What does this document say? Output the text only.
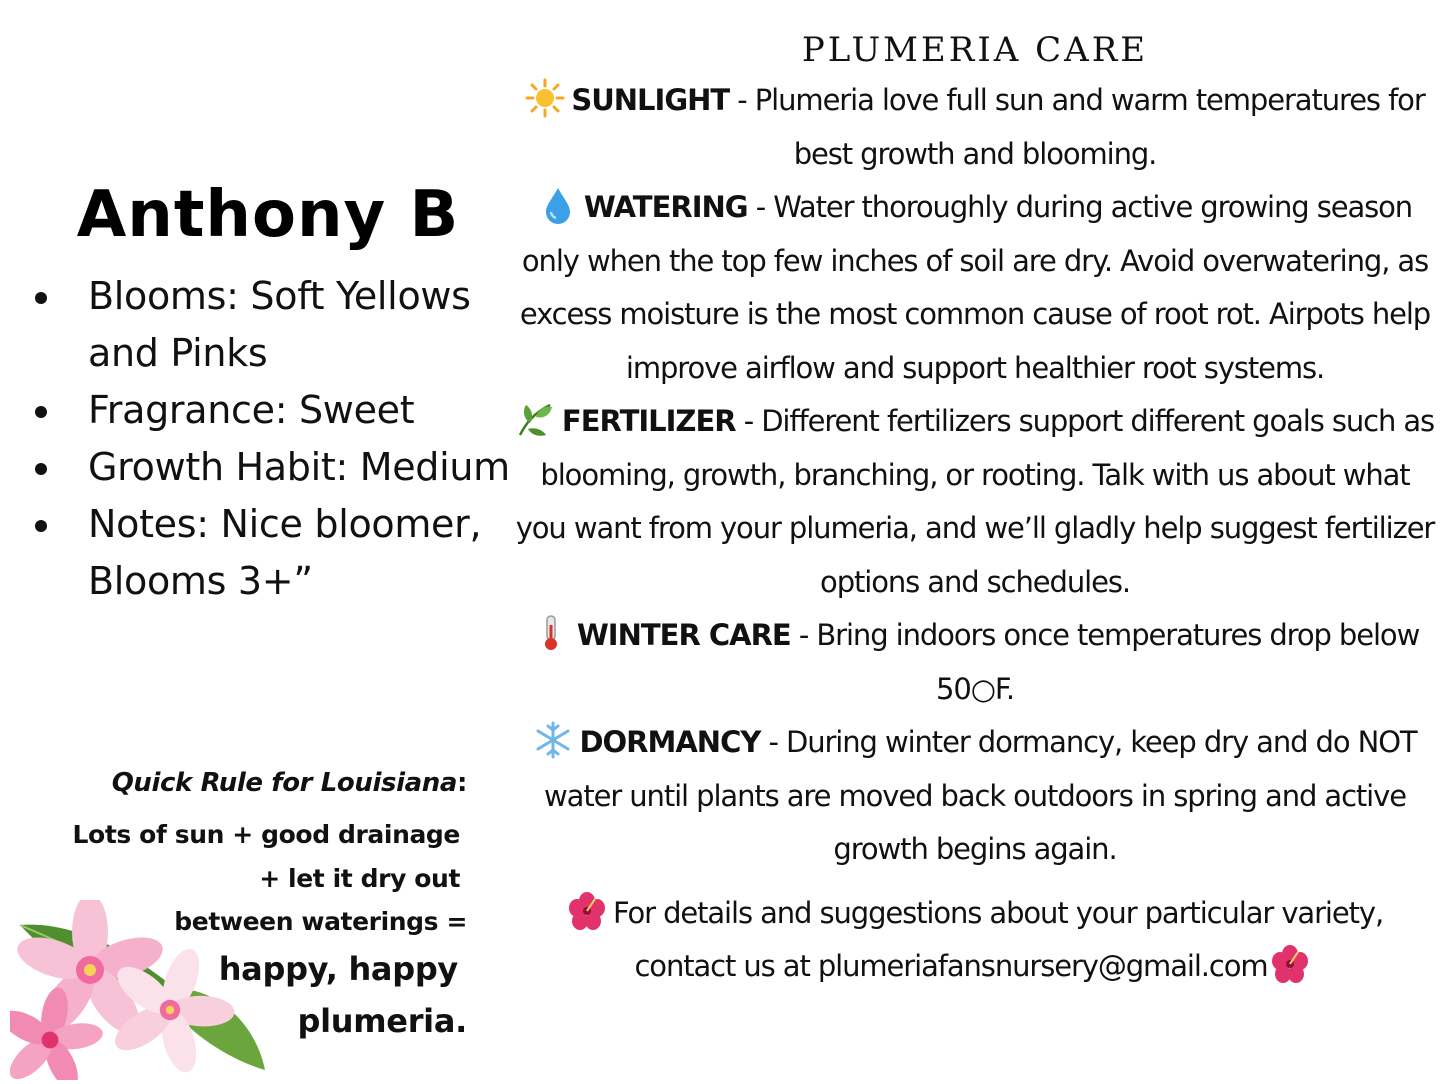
Anthony B
Blooms: Soft Yellows and Pinks
Fragrance: Sweet
Growth Habit: Medium
Notes: Nice bloomer, Blooms 3+”
Quick Rule for Louisiana:
Lots of sun + good drainage
+ let it dry out
between waterings =
happy, happy
plumeria.
PLUMERIA CARE

SUNLIGHT - Plumeria love full sun and warm temperatures for best growth and blooming.

WATERING - Water thoroughly during active growing season only when the top few inches of soil are dry. Avoid overwatering, as excess moisture is the most common cause of root rot. Airpots help improve airflow and support healthier root systems.

FERTILIZER - Different fertilizers support different goals such as blooming, growth, branching, or rooting. Talk with us about what you want from your plumeria, and we’ll gladly help suggest fertilizer options and schedules.

WINTER CARE - Bring indoors once temperatures drop below 50○F.

DORMANCY - During winter dormancy, keep dry and do NOT water until plants are moved back outdoors in spring and active growth begins again.

For details and suggestions about your particular variety, contact us at plumeriafansnursery@gmail.com
